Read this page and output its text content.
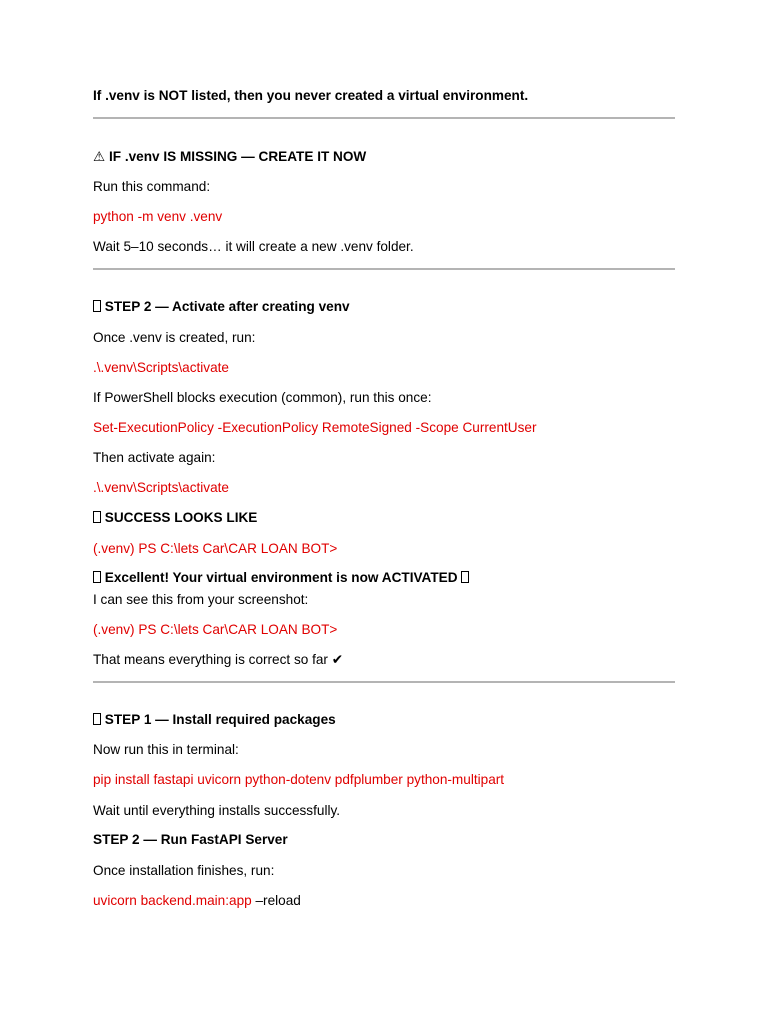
If .venv is NOT listed, then you never created a virtual environment.
⚠ IF .venv IS MISSING — CREATE IT NOW
Run this command:
python -m venv .venv
Wait 5–10 seconds… it will create a new .venv folder.
STEP 2 — Activate after creating venv
Once .venv is created, run:
.\.venv\Scripts\activate
If PowerShell blocks execution (common), run this once:
Set-ExecutionPolicy -ExecutionPolicy RemoteSigned -Scope CurrentUser
Then activate again:
.\.venv\Scripts\activate
SUCCESS LOOKS LIKE
(.venv) PS C:\lets Car\CAR LOAN BOT>
Excellent! Your virtual environment is now ACTIVATED
I can see this from your screenshot:
(.venv) PS C:\lets Car\CAR LOAN BOT>
That means everything is correct so far ✔
STEP 1 — Install required packages
Now run this in terminal:
pip install fastapi uvicorn python-dotenv pdfplumber python-multipart
Wait until everything installs successfully.
STEP 2 — Run FastAPI Server
Once installation finishes, run:
uvicorn backend.main:app –reload
